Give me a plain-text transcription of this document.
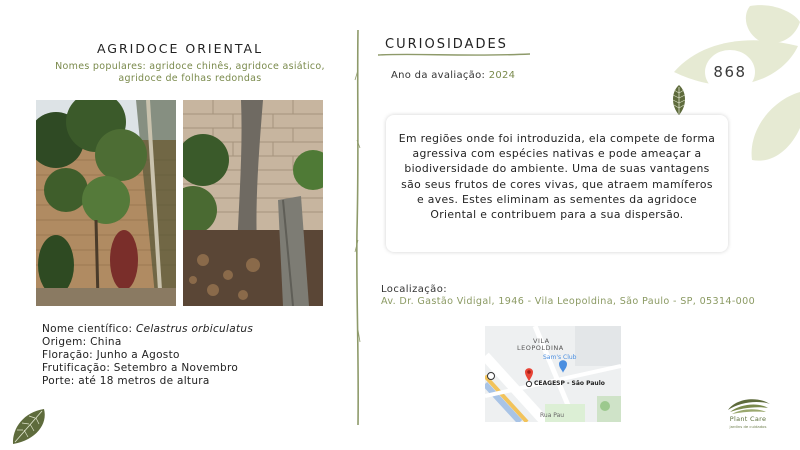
868
AGRIDOCE ORIENTAL
Nomes populares: agridoce chinês, agridoce asiático,
agridoce de folhas redondas
Nome científico: Celastrus orbiculatus
Origem: China
Floração: Junho a Agosto
Frutificação: Setembro a Novembro
Porte: até 18 metros de altura
CURIOSIDADES
Ano da avaliação: 2024
Em regiões onde foi introduzida, ela compete de forma agressiva com espécies nativas e pode ameaçar a biodiversidade do ambiente. Uma de suas vantagens são seus frutos de cores vivas, que atraem mamíferos e aves. Estes eliminam as sementes da agridoce Oriental e contribuem para a sua dispersão.
Localização:
Av. Dr. Gastão Vidigal, 1946 - Vila Leopoldina, São Paulo - SP, 05314-000
VILA
LEOPOLDINA
Sam's Club
CEAGESP - São Paulo
Rua Pau	Plant Care
jardins de cuidados
